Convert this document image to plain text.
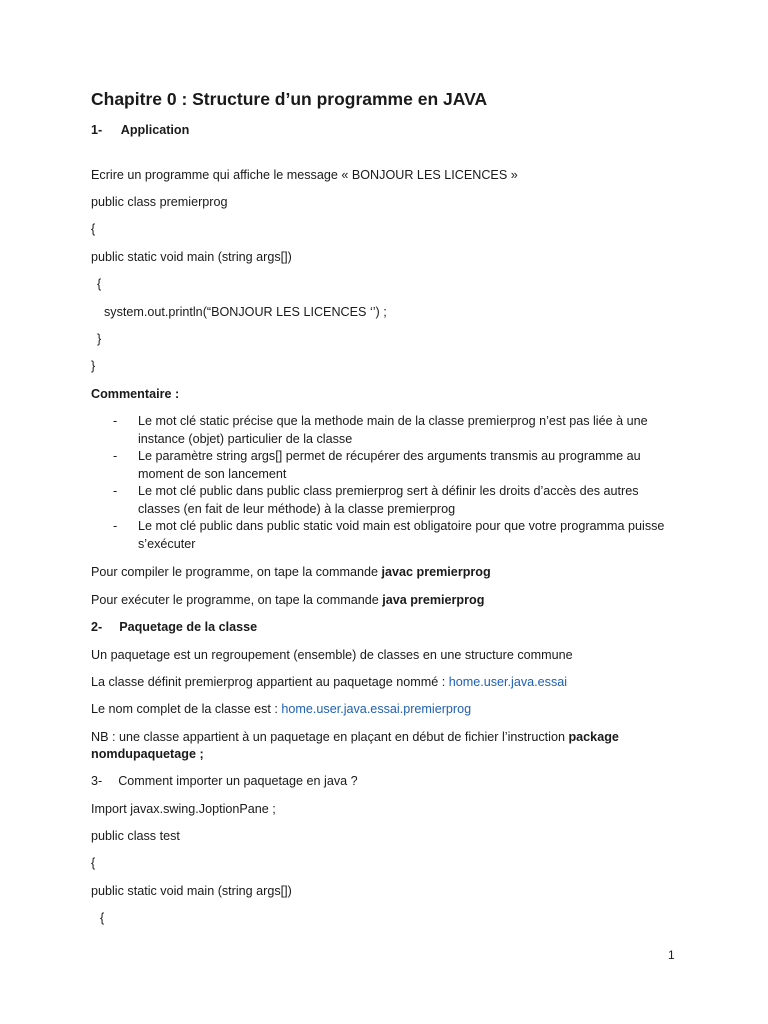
Chapitre 0 : Structure d’un programme en JAVA
1- Application
Ecrire un programme qui affiche le message « BONJOUR LES LICENCES »
public class premierprog
{
public static void main (string args[])
{
system.out.println(“BONJOUR LES LICENCES ‘’) ;
}
}
Commentaire :
- Le mot clé static précise que la methode main de la classe premierprog n’est pas liée à une instance (objet) particulier de la classe
- Le paramètre string args[] permet de récupérer des arguments transmis au programme au moment de son lancement
- Le mot clé public dans public class premierprog sert à définir les droits d’accès des autres classes (en fait de leur méthode) à la classe premierprog
- Le mot clé public dans public static void main est obligatoire pour que votre programma puisse s’exécuter
Pour compiler le programme, on tape la commande javac premierprog
Pour exécuter le programme, on tape la commande java premierprog
2- Paquetage de la classe
Un paquetage est un regroupement (ensemble) de classes en une structure commune
La classe définit premierprog appartient au paquetage nommé : home.user.java.essai
Le nom complet de la classe est : home.user.java.essai.premierprog
NB : une classe appartient à un paquetage en plaçant en début de fichier l’instruction package
nomdupaquetage ;
3- Comment importer un paquetage en java ?
Import javax.swing.JoptionPane ;
public class test
{
public static void main (string args[])
{
1
